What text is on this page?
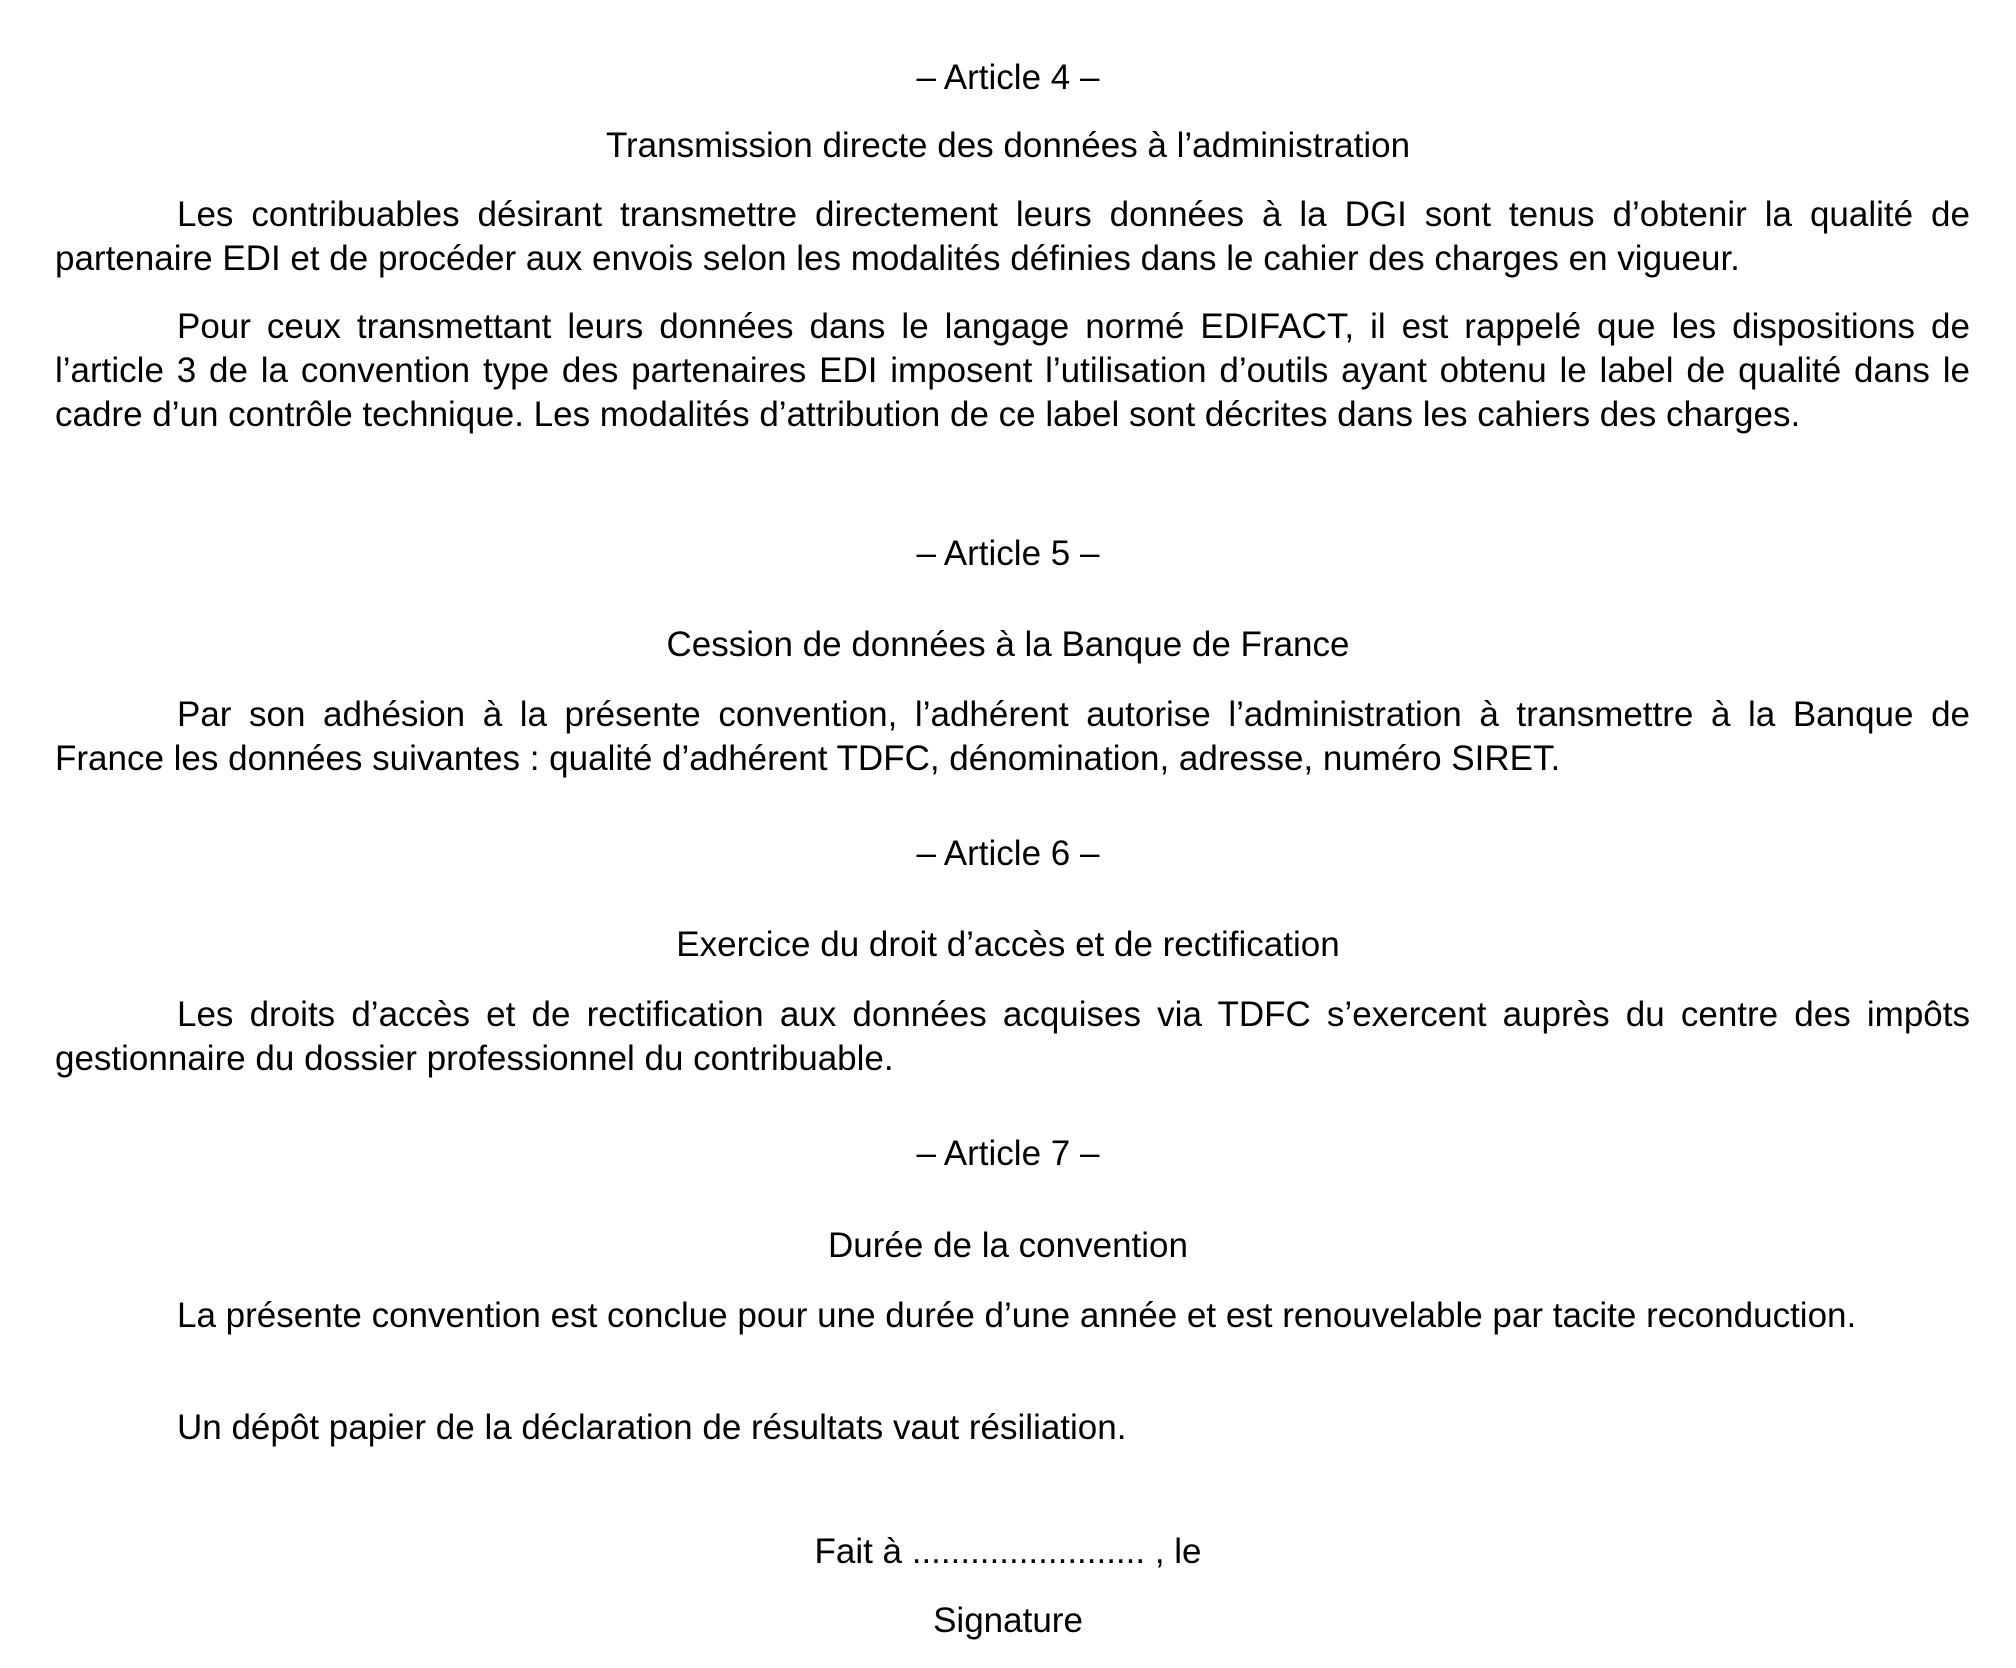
– Article 4 –
Transmission directe des données à l’administration

Les contribuables désirant transmettre directement leurs données à la DGI sont tenus d’obtenir la qualité de partenaire EDI et de procéder aux envois selon les modalités définies dans le cahier des charges en vigueur.

Pour ceux transmettant leurs données dans le langage normé EDIFACT, il est rappelé que les dispositions de l’article 3 de la convention type des partenaires EDI imposent l’utilisation d’outils ayant obtenu le label de qualité dans le cadre d’un contrôle technique. Les modalités d’attribution de ce label sont décrites dans les cahiers des charges.

– Article 5 –
Cession de données à la Banque de France

Par son adhésion à la présente convention, l’adhérent autorise l’administration à transmettre à la Banque de France les données suivantes : qualité d’adhérent TDFC, dénomination, adresse, numéro SIRET.

– Article 6 –
Exercice du droit d’accès et de rectification

Les droits d’accès et de rectification aux données acquises via TDFC s’exercent auprès du centre des impôts gestionnaire du dossier professionnel du contribuable.

– Article 7 –
Durée de la convention

La présente convention est conclue pour une durée d’une année et est renouvelable par tacite reconduction.

Un dépôt papier de la déclaration de résultats vaut résiliation.

Fait à ........................ , le

Signature
